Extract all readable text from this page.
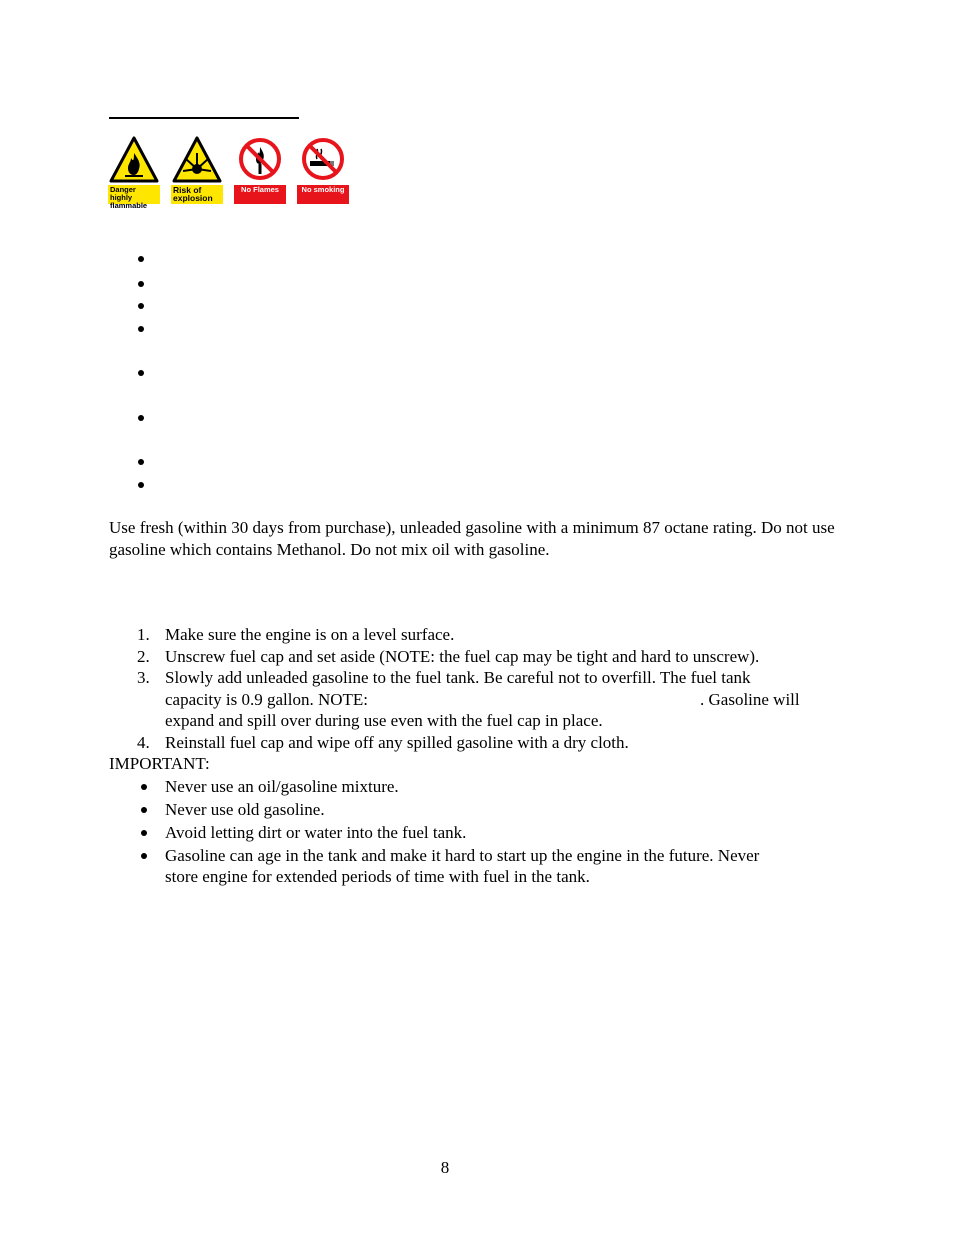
Danger highly flammable
Risk of explosion
No Flames	No smoking
Use fresh (within 30 days from purchase), unleaded gasoline with a minimum 87 octane rating. Do not use gasoline which contains Methanol. Do not mix oil with gasoline.
1. Make sure the engine is on a level surface.
2. Unscrew fuel cap and set aside (NOTE: the fuel cap may be tight and hard to unscrew).
3. Slowly add unleaded gasoline to the fuel tank. Be careful not to overfill. The fuel tank
capacity is 0.9 gallon. NOTE:	. Gasoline will
expand and spill over during use even with the fuel cap in place.
4. Reinstall fuel cap and wipe off any spilled gasoline with a dry cloth.
IMPORTANT:
Never use an oil/gasoline mixture.
Never use old gasoline.
Avoid letting dirt or water into the fuel tank.
Gasoline can age in the tank and make it hard to start up the engine in the future. Never
store engine for extended periods of time with fuel in the tank.
8
